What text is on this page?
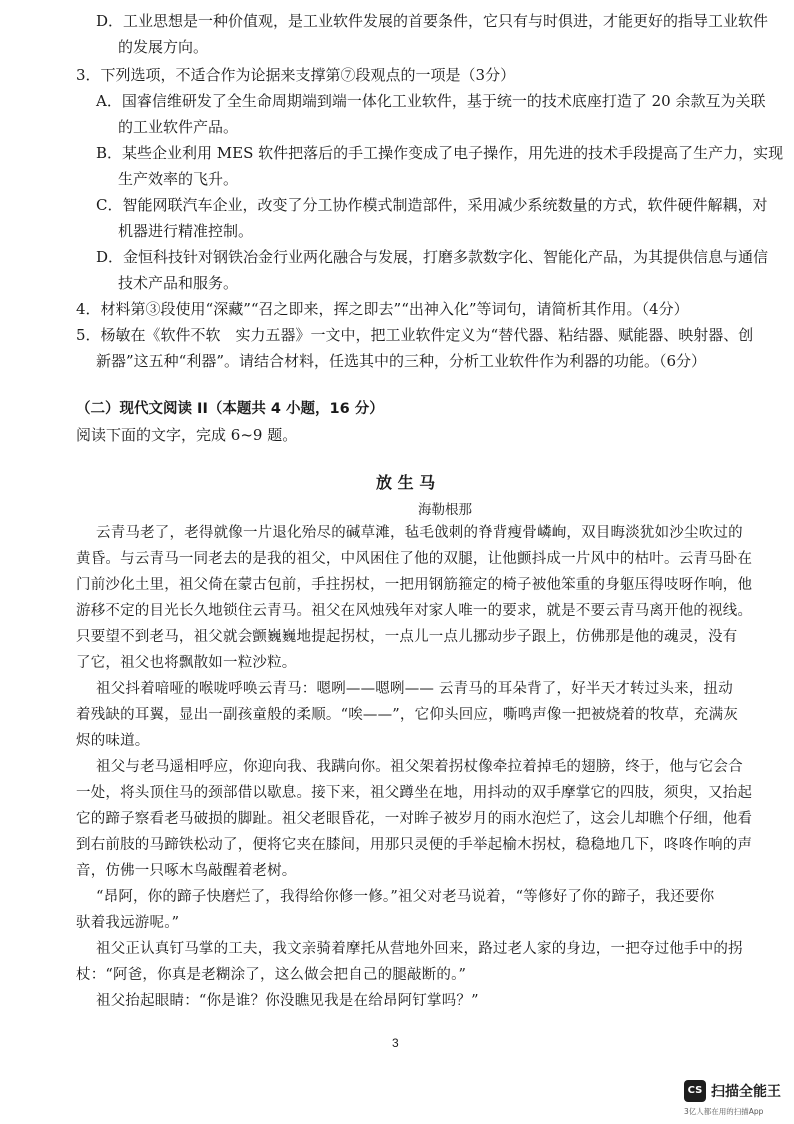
D．工业思想是一种价值观，是工业软件发展的首要条件，它只有与时俱进，才能更好的指导工业软件
的发展方向。
3．下列选项，不适合作为论据来支撑第⑦段观点的一项是（3分）
A．国睿信维研发了全生命周期端到端一体化工业软件，基于统一的技术底座打造了 20 余款互为关联
的工业软件产品。
B．某些企业利用 MES 软件把落后的手工操作变成了电子操作，用先进的技术手段提高了生产力，实现
生产效率的飞升。
C．智能网联汽车企业，改变了分工协作模式制造部件，采用减少系统数量的方式，软件硬件解耦，对
机器进行精准控制。
D．金恒科技针对钢铁冶金行业两化融合与发展，打磨多款数字化、智能化产品，为其提供信息与通信
技术产品和服务。
4．材料第③段使用“深藏”“召之即来，挥之即去”“出神入化”等词句，请简析其作用。（4分）
5．杨敏在《软件不软　实力五器》一文中，把工业软件定义为“替代器、粘结器、赋能器、映射器、创
新器”这五种“利器”。请结合材料，任选其中的三种，分析工业软件作为利器的功能。（6分）
（二）现代文阅读 II（本题共 4 小题，16 分）
阅读下面的文字，完成 6~9 题。
放 生 马
海勒根那
云青马老了，老得就像一片退化殆尽的碱草滩，毡毛戗刺的脊背瘦骨嶙峋，双目晦淡犹如沙尘吹过的
黄昏。与云青马一同老去的是我的祖父，中风困住了他的双腿，让他颤抖成一片风中的枯叶。云青马卧在
门前沙化土里，祖父倚在蒙古包前，手拄拐杖，一把用钢筋箍定的椅子被他笨重的身躯压得吱呀作响，他
游移不定的目光长久地锁住云青马。祖父在风烛残年对家人唯一的要求，就是不要云青马离开他的视线。
只要望不到老马，祖父就会颤巍巍地提起拐杖，一点儿一点儿挪动步子跟上，仿佛那是他的魂灵，没有
了它，祖父也将飘散如一粒沙粒。
祖父抖着喑哑的喉咙呼唤云青马：嗯咧——嗯咧—— 云青马的耳朵背了，好半天才转过头来，扭动
着残缺的耳翼，显出一副孩童般的柔顺。“唉——”，它仰头回应，嘶鸣声像一把被烧着的牧草，充满灰
烬的味道。
祖父与老马遥相呼应，你迎向我、我蹒向你。祖父架着拐杖像牵拉着掉毛的翅膀，终于，他与它会合
一处，将头顶住马的颈部借以歇息。接下来，祖父蹲坐在地，用抖动的双手摩掌它的四肢，须臾，又抬起
它的蹄子察看老马破损的脚趾。祖父老眼昏花，一对眸子被岁月的雨水泡烂了，这会儿却瞧个仔细，他看
到右前肢的马蹄铁松动了，便将它夹在膝间，用那只灵便的手举起榆木拐杖，稳稳地几下，咚咚作响的声
音，仿佛一只啄木鸟敲醒着老树。
“昂阿，你的蹄子快磨烂了，我得给你修一修。”祖父对老马说着，“等修好了你的蹄子，我还要你
驮着我远游呢。”
祖父正认真钉马掌的工夫，我文亲骑着摩托从营地外回来，路过老人家的身边，一把夺过他手中的拐
杖：“阿爸，你真是老糊涂了，这么做会把自己的腿敲断的。”
祖父抬起眼睛：“你是谁？你没瞧见我是在给昂阿钉掌吗？”
3
CS 扫描全能王
3亿人都在用的扫描App
